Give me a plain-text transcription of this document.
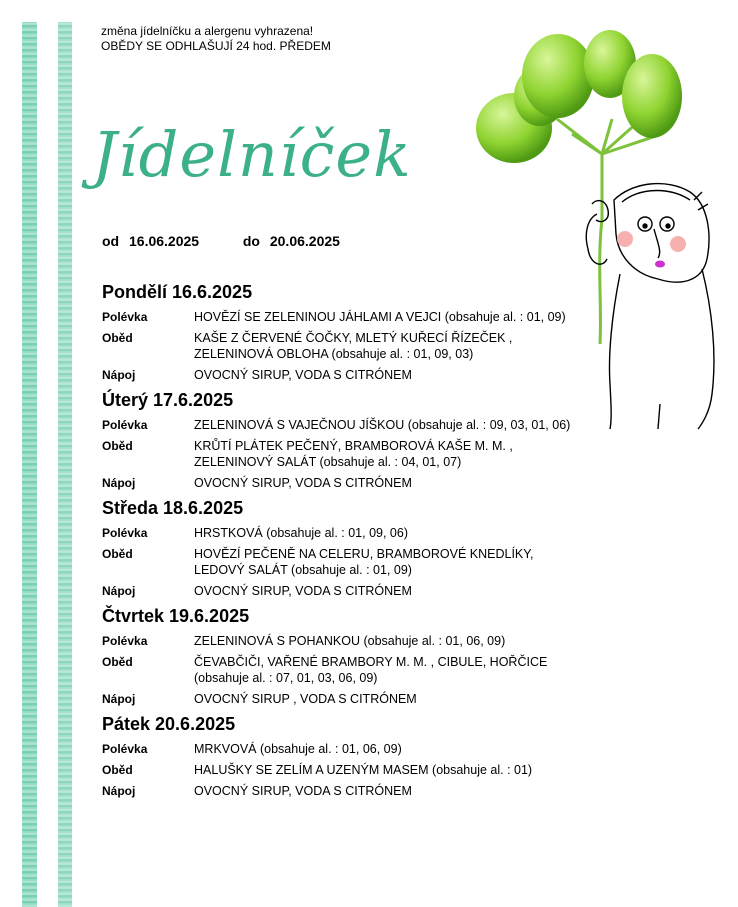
změna jídelníčku a alergenu vyhrazena!
OBĚDY SE ODHLAŠUJÍ 24 hod. PŘEDEM
Jídelníček
od 16.06.2025	do 20.06.2025
Pondělí 16.6.2025
Polévka	HOVĚZÍ SE ZELENINOU JÁHLAMI A VEJCI (obsahuje al. : 01, 09)
Oběd	KAŠE Z ČERVENÉ ČOČKY, MLETÝ KUŘECÍ ŘÍZEČEK , ZELENINOVÁ OBLOHA (obsahuje al. : 01, 09, 03)
Nápoj	OVOCNÝ SIRUP, VODA S CITRÓNEM
Úterý 17.6.2025
Polévka	ZELENINOVÁ S VAJEČNOU JÍŠKOU (obsahuje al. : 09, 03, 01, 06)
Oběd	KRŮTÍ PLÁTEK PEČENÝ, BRAMBOROVÁ KAŠE M. M. , ZELENINOVÝ SALÁT (obsahuje al. : 04, 01, 07)
Nápoj	OVOCNÝ SIRUP, VODA S CITRÓNEM
Středa 18.6.2025
Polévka	HRSTKOVÁ (obsahuje al. : 01, 09, 06)
Oběd	HOVĚZÍ PEČENĚ NA CELERU, BRAMBOROVÉ KNEDLÍKY, LEDOVÝ SALÁT (obsahuje al. : 01, 09)
Nápoj	OVOCNÝ SIRUP, VODA S CITRÓNEM
Čtvrtek 19.6.2025
Polévka	ZELENINOVÁ S POHANKOU (obsahuje al. : 01, 06, 09)
Oběd	ČEVABČIČI, VAŘENÉ BRAMBORY M. M. , CIBULE, HOŘČICE (obsahuje al. : 07, 01, 03, 06, 09)
Nápoj	OVOCNÝ SIRUP , VODA S CITRÓNEM
Pátek 20.6.2025
Polévka	MRKVOVÁ (obsahuje al. : 01, 06, 09)
Oběd	HALUŠKY SE ZELÍM A UZENÝM MASEM (obsahuje al. : 01)
Nápoj	OVOCNÝ SIRUP, VODA S CITRÓNEM
